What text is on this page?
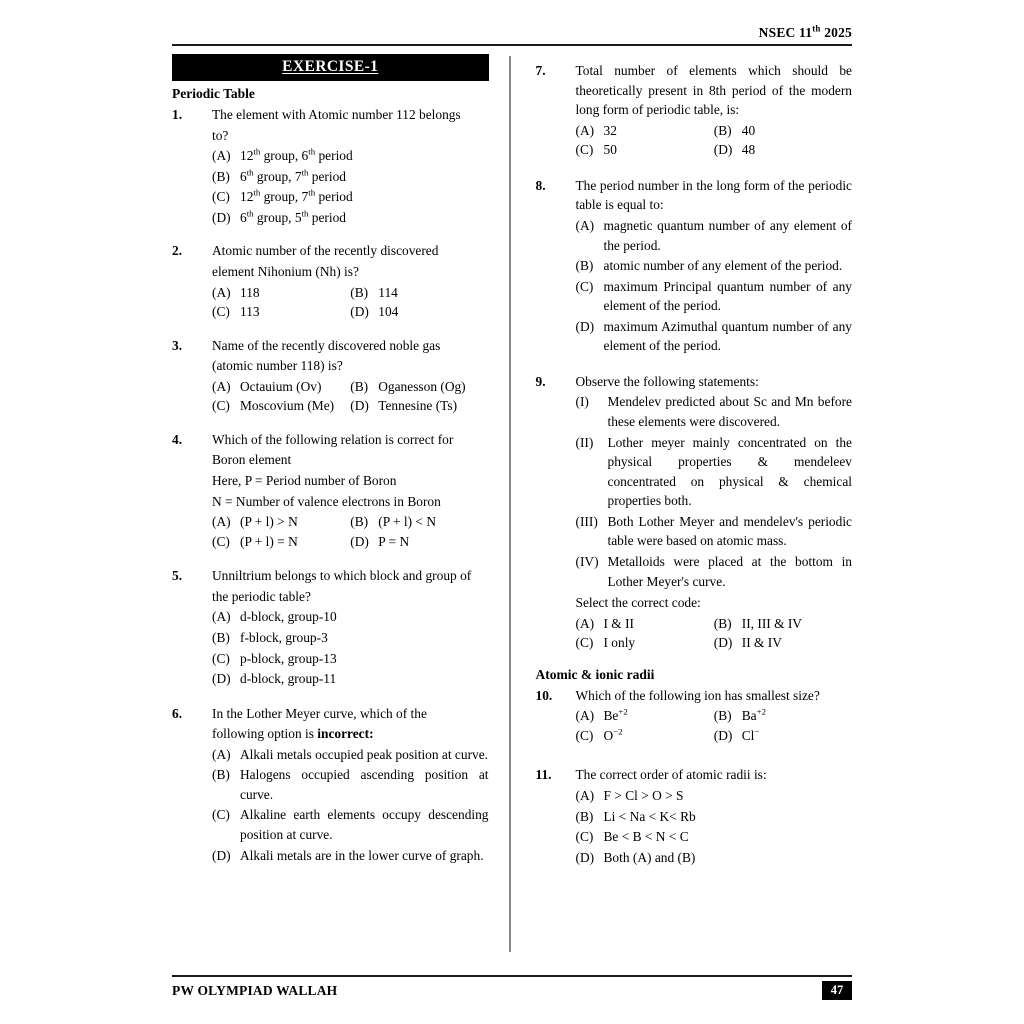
NSEC 11th 2025
EXERCISE-1
Periodic Table
1.	The element with Atomic number 112 belongs
to?
(A) 12th group, 6th period
(B) 6th group, 7th period
(C) 12th group, 7th period
(D) 6th group, 5th period
2.	Atomic number of the recently discovered
element Nihonium (Nh) is?
(A) 118	(B) 114
(C) 113	(D) 104
3.	Name of the recently discovered noble gas
(atomic number 118) is?
(A) Octauium (Ov)	(B) Oganesson (Og)
(C) Moscovium (Me)	(D) Tennesine (Ts)
4.	Which of the following relation is correct for
Boron element
Here, P = Period number of Boron
N = Number of valence electrons in Boron
(A) (P + l) > N	(B) (P + l) < N
(C) (P + l) = N	(D) P = N
5.	Unniltrium belongs to which block and group of
the periodic table?
(A) d-block, group-10
(B) f-block, group-3
(C) p-block, group-13
(D) d-block, group-11
6.	In the Lother Meyer curve, which of the
following option is incorrect:
(A) Alkali metals occupied peak position at curve.
(B) Halogens occupied ascending position at curve.
(C) Alkaline earth elements occupy descending position at curve.
(D) Alkali metals are in the lower curve of graph.
7.	Total number of elements which should be theoretically present in 8th period of the modern long form of periodic table, is:
(A) 32	(B) 40
(C) 50	(D) 48
8.	The period number in the long form of the periodic table is equal to:
(A) magnetic quantum number of any element of the period.
(B) atomic number of any element of the period.
(C) maximum Principal quantum number of any element of the period.
(D) maximum Azimuthal quantum number of any element of the period.
9.	Observe the following statements:
(I)	Mendelev predicted about Sc and Mn before these elements were discovered.
(II)	Lother meyer mainly concentrated on the physical properties & mendeleev concentrated on physical & chemical properties both.
(III) Both Lother Meyer and mendelev's periodic table were based on atomic mass.
(IV) Metalloids were placed at the bottom in Lother Meyer's curve.
Select the correct code:
(A) I & II	(B) II, III & IV
(C) I only	(D) II & IV
Atomic & ionic radii
10.	Which of the following ion has smallest size?
(A) $Be^{+2}$	(B) $Ba^{+2}$
(C) $O^{-2}$	(D) Cl−
11.	The correct order of atomic radii is:
(A) F > Cl > O > S
(B) Li < Na < K< Rb
(C) Be < B < N < C
(D) Both (A) and (B)
PW OLYMPIAD WALLAH	47
